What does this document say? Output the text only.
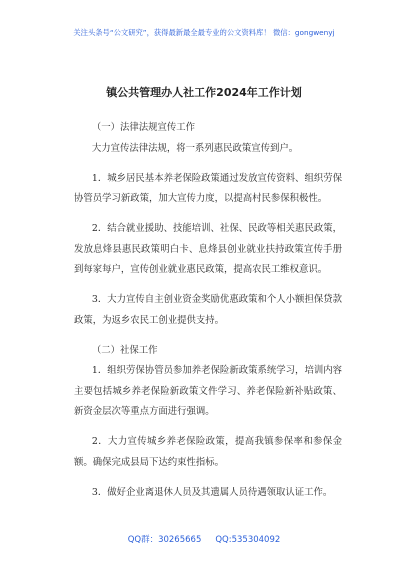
关注头条号“公文研究”，获得最新最全最专业的公文资料库！ 微信：gongwenyj
镇公共管理办人社工作2024年工作计划

（一）法律法规宣传工作

大力宣传法律法规，将一系列惠民政策宣传到户。

1．城乡居民基本养老保险政策通过发放宣传资料、组织劳保协管员学习新政策，加大宣传力度，以提高村民参保积极性。

2．结合就业援助、技能培训、社保、民政等相关惠民政策，发放息烽县惠民政策明白卡、息烽县创业就业扶持政策宣传手册到每家每户，宣传创业就业惠民政策，提高农民工维权意识。

3．大力宣传自主创业资金奖励优惠政策和个人小额担保贷款政策，为返乡农民工创业提供支持。

（二）社保工作

1．组织劳保协管员参加养老保险新政策系统学习，培训内容主要包括城乡养老保险新政策文件学习、养老保险新补贴政策、新资金层次等重点方面进行强调。

2．大力宣传城乡养老保险政策，提高我镇参保率和参保金额。确保完成县局下达约束性指标。

3．做好企业离退休人员及其遗属人员待遇领取认证工作。

QQ群：30265665 QQ:535304092
